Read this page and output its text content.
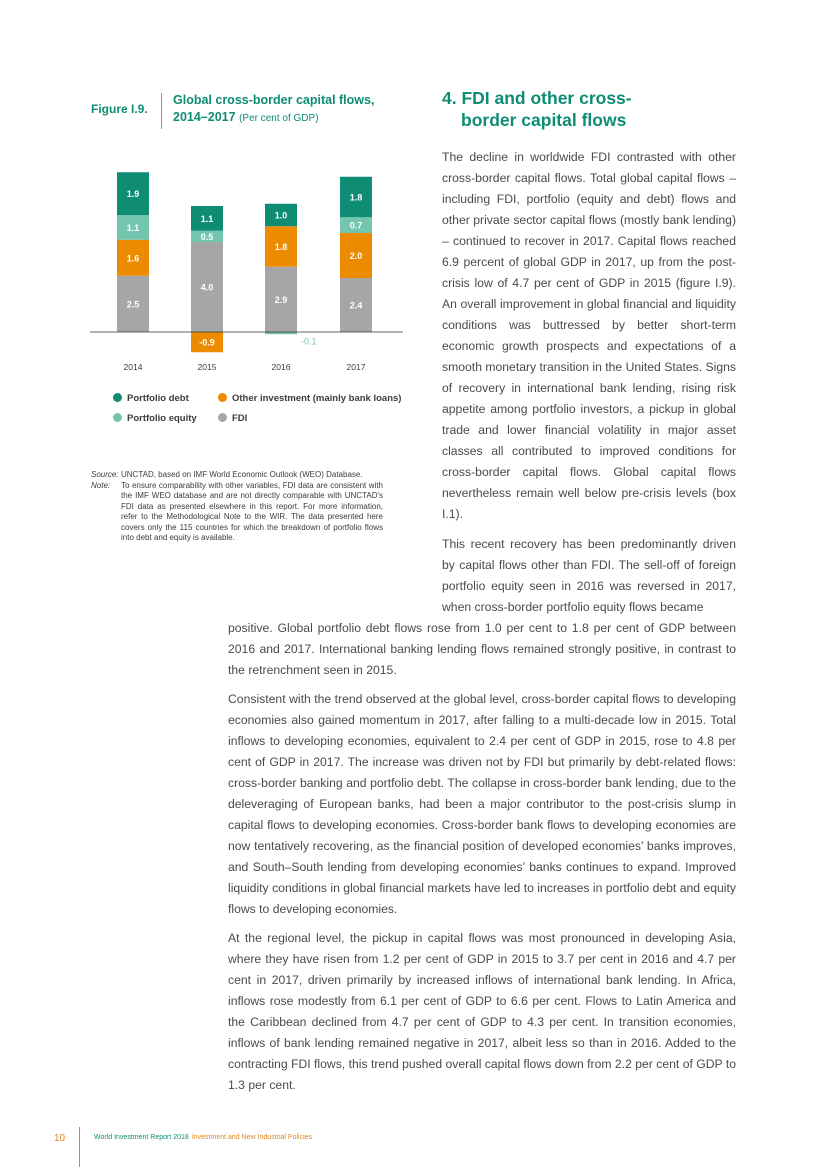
Figure I.9.
Global cross-border capital flows, 2014–2017 (Per cent of GDP)
2.5
1.6
1.1
1.9
2014
4.0
-0.9
0.5
1.1
2015
2.9
1.8
-0.1
1.0
2016
2.4
2.0
0.7
1.8
2017
Portfolio debt	Other investment (mainly bank loans)
Portfolio equity	FDI
Source: UNCTAD, based on IMF World Economic Outlook (WEO) Database.
Note: To ensure comparability with other variables, FDI data are consistent with the IMF WEO database and are not directly comparable with UNCTAD's FDI data as presented elsewhere in this report. For more information, refer to the Methodological Note to the WIR. The data presented here covers only the 115 countries for which the breakdown of portfolio flows into debt and equity is available.
4. FDI and other cross-
border capital flows

The decline in worldwide FDI contrasted with other cross-border capital flows. Total global capital flows – including FDI, portfolio (equity and debt) flows and other private sector capital flows (mostly bank lending) – continued to recover in 2017. Capital flows reached 6.9 percent of global GDP in 2017, up from the post-crisis low of 4.7 per cent of GDP in 2015 (figure I.9). An overall improvement in global financial and liquidity conditions was buttressed by better short-term economic growth prospects and expectations of a smooth monetary transition in the United States. Signs of recovery in international bank lending, rising risk appetite among portfolio investors, a pickup in global trade and lower financial volatility in major asset classes all contributed to improved conditions for cross-border capital flows. Global capital flows nevertheless remain well below pre-crisis levels (box I.1).

This recent recovery has been predominantly driven by capital flows other than FDI. The sell-off of foreign portfolio equity seen in 2016 was reversed in 2017, when cross-border portfolio equity flows became

positive. Global portfolio debt flows rose from 1.0 per cent to 1.8 per cent of GDP between 2016 and 2017. International banking lending flows remained strongly positive, in contrast to the retrenchment seen in 2015.

Consistent with the trend observed at the global level, cross-border capital flows to developing economies also gained momentum in 2017, after falling to a multi-decade low in 2015. Total inflows to developing economies, equivalent to 2.4 per cent of GDP in 2015, rose to 4.8 per cent of GDP in 2017. The increase was driven not by FDI but primarily by debt-related flows: cross-border banking and portfolio debt. The collapse in cross-border bank lending, due to the deleveraging of European banks, had been a major contributor to the post-crisis slump in capital flows to developing economies. Cross-border bank flows to developing economies are now tentatively recovering, as the financial position of developed economies’ banks improves, and South–South lending from developing economies’ banks continues to expand. Improved liquidity conditions in global financial markets have led to increases in portfolio debt and equity flows to developing economies.

At the regional level, the pickup in capital flows was most pronounced in developing Asia, where they have risen from 1.2 per cent of GDP in 2015 to 3.7 per cent in 2016 and 4.7 per cent in 2017, driven primarily by increased inflows of international bank lending. In Africa, inflows rose modestly from 6.1 per cent of GDP to 6.6 per cent. Flows to Latin America and the Caribbean declined from 4.7 per cent of GDP to 4.3 per cent. In transition economies, inflows of bank lending remained negative in 2017, albeit less so than in 2016. Added to the contracting FDI flows, this trend pushed overall capital flows down from 2.2 per cent of GDP to 1.3 per cent.

10	World Investment Report 2018 Investment and New Industrial Policies
